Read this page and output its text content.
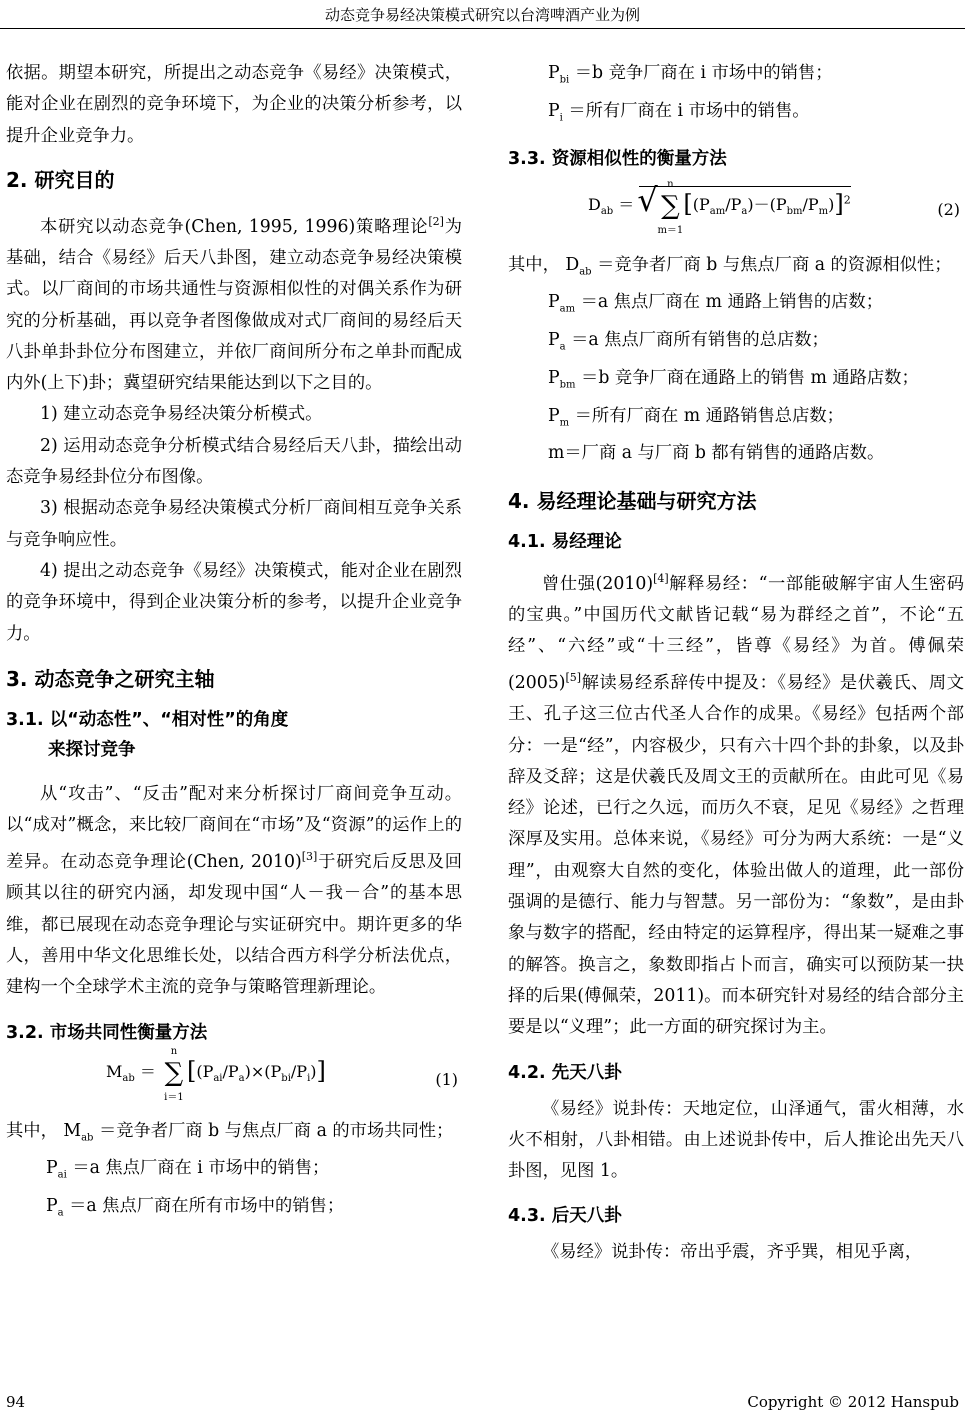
动态竞争易经决策模式研究以台湾啤酒产业为例

依据。期望本研究，所提出之动态竞争《易经》决策模式，能对企业在剧烈的竞争环境下，为企业的决策分析参考，以提升企业竞争力。

2. 研究目的

本研究以动态竞争(Chen, 1995, 1996)策略理论[2]为基础，结合《易经》后天八卦图，建立动态竞争易经决策模式。以厂商间的市场共通性与资源相似性的对偶关系作为研究的分析基础，再以竞争者图像做成对式厂商间的易经后天八卦单卦卦位分布图建立，并依厂商间所分布之单卦而配成内外(上下)卦；冀望研究结果能达到以下之目的。

1) 建立动态竞争易经决策分析模式。

2) 运用动态竞争分析模式结合易经后天八卦，描绘出动态竞争易经卦位分布图像。

3) 根据动态竞争易经决策模式分析厂商间相互竞争关系与竞争响应性。

4) 提出之动态竞争《易经》决策模式，能对企业在剧烈的竞争环境中，得到企业决策分析的参考，以提升企业竞争力。

3. 动态竞争之研究主轴
3.1. 以“动态性”、“相对性”的角度
来探讨竞争

从“攻击”、“反击”配对来分析探讨厂商间竞争互动。以“成对”概念，来比较厂商间在“市场”及“资源”的运作上的差异。在动态竞争理论(Chen, 2010)[3]于研究后反思及回顾其以往的研究内涵，却发现中国“人－我－合”的基本思维，都已展现在动态竞争理论与实证研究中。期许更多的华人，善用中华文化思维长处，以结合西方科学分析法优点，建构一个全球学术主流的竞争与策略管理新理论。

3.2. 市场共同性衡量方法
$M_{ab}$ ＝
n
∑
i＝1
$[(P_{ai}/P_a)\times(P_{bi}/P_i)]$	(1)

其中， $M_{ab}$ ＝竞争者厂商 b 与焦点厂商 a 的市场共同性；

$P_{ai} =a$ 焦点厂商在 i 市场中的销售；
$P_a =a$ 焦点厂商在所有市场中的销售；
$P_{bi} =b$ 竞争厂商在 i 市场中的销售；
$P_i$ ＝所有厂商在 i 市场中的销售。
3.3. 资源相似性的衡量方法
$D_{ab}$ ＝
√ n
∑
m＝1
$[(P_{am}/P_a)-(P_{bm}/P_m)]^2$	(2)

其中， $D_{ab}$ ＝竞争者厂商 b 与焦点厂商 a 的资源相似性；

$P_{am} =a$ 焦点厂商在 m 通路上销售的店数；
$P_a =a$ 焦点厂商所有销售的总店数；
$P_{bm} =b$ 竞争厂商在通路上的销售 m 通路店数；
$P_m$ ＝所有厂商在 m 通路销售总店数；
m＝厂商 a 与厂商 b 都有销售的通路店数。
4. 易经理论基础与研究方法
4.1. 易经理论

曾仕强(2010)[4]解释易经：“一部能破解宇宙人生密码的宝典。”中国历代文献皆记载“易为群经之首”，不论“五经”、“六经”或“十三经”，皆尊《易经》为首。傅佩荣(2005)[5]解读易经系辞传中提及：《易经》是伏羲氏、周文王、孔子这三位古代圣人合作的成果。《易经》包括两个部分：一是“经”，内容极少，只有六十四个卦的卦象，以及卦辞及爻辞；这是伏羲氏及周文王的贡献所在。由此可见《易经》论述，已行之久远，而历久不衰，足见《易经》之哲理深厚及实用。总体来说，《易经》可分为两大系统：一是“义理”，由观察大自然的变化，体验出做人的道理，此一部份强调的是德行、能力与智慧。另一部份为：“象数”，是由卦象与数字的搭配，经由特定的运算程序，得出某一疑难之事的解答。换言之，象数即指占卜而言，确实可以预防某一抉择的后果(傅佩荣，2011)。而本研究针对易经的结合部分主要是以“义理”；此一方面的研究探讨为主。

4.2. 先天八卦

《易经》说卦传：天地定位，山泽通气，雷火相薄，水火不相射，八卦相错。由上述说卦传中，后人推论出先天八卦图，见图 1。

4.3. 后天八卦

《易经》说卦传：帝出乎震，齐乎巽，相见乎离，

94	Copyright © 2012 Hanspub
